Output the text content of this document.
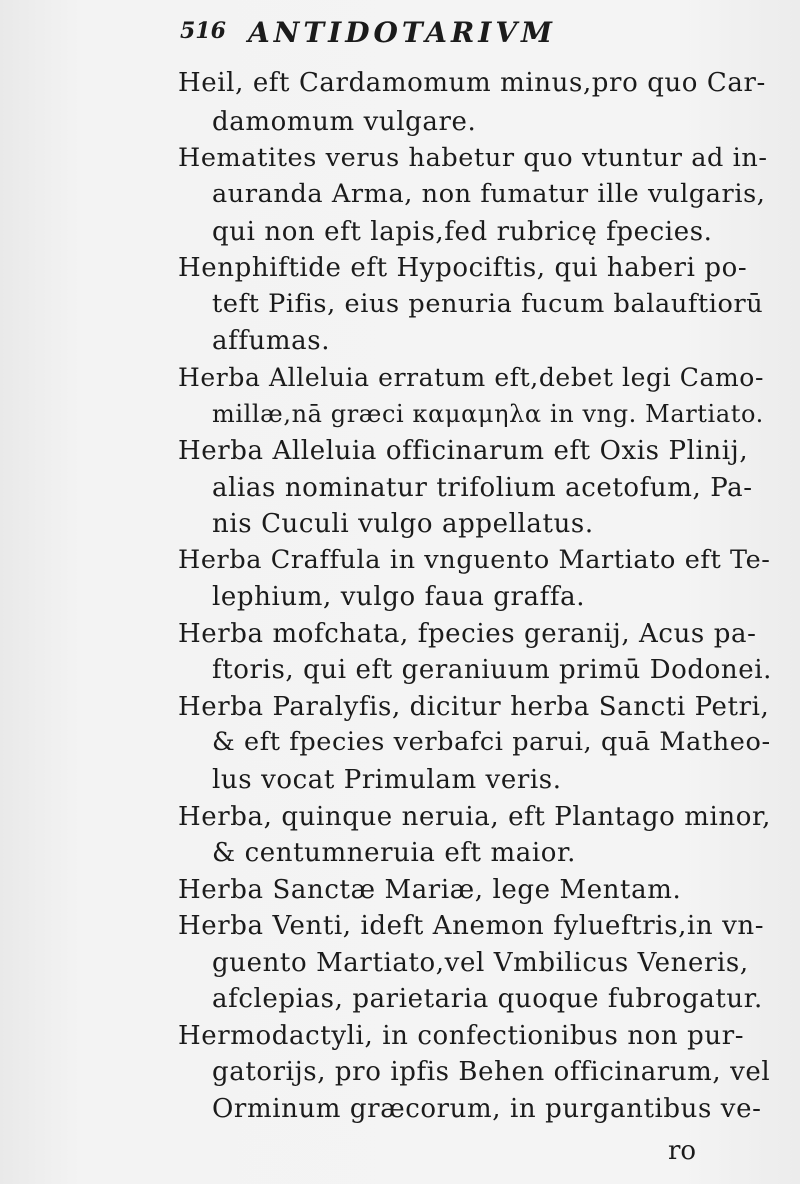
516 ANTIDOTARIVM
Heil, eft Cardamomum minus,pro quo Car-
damomum vulgare.
Hematites verus habetur quo vtuntur ad in-
auranda Arma, non fumatur ille vulgaris,
qui non eft lapis,fed rubricę fpecies.
Henphiftide eft Hypociftis, qui haberi po-
teft Pifis, eius penuria fucum balauftiorū
affumas.
Herba Alleluia erratum eft,debet legi Camo-
millæ,nā græci καμαμηλα in vng. Martiato.
Herba Alleluia officinarum eft Oxis Plinij,
alias nominatur trifolium acetofum, Pa-
nis Cuculi vulgo appellatus.
Herba Craffula in vnguento Martiato eft Te-
lephium, vulgo faua graffa.
Herba mofchata, fpecies geranij, Acus pa-
ftoris, qui eft geraniuum primū Dodonei.
Herba Paralyfis, dicitur herba Sancti Petri,
& eft fpecies verbafci parui, quā Matheo-
lus vocat Primulam veris.
Herba, quinque neruia, eft Plantago minor,
& centumneruia eft maior.
Herba Sanctæ Mariæ, lege Mentam.
Herba Venti, ideft Anemon fylueftris,in vn-
guento Martiato,vel Vmbilicus Veneris,
afclepias, parietaria quoque fubrogatur.
Hermodactyli, in confectionibus non pur-
gatorijs, pro ipfis Behen officinarum, vel
Orminum græcorum, in purgantibus ve-
ro
